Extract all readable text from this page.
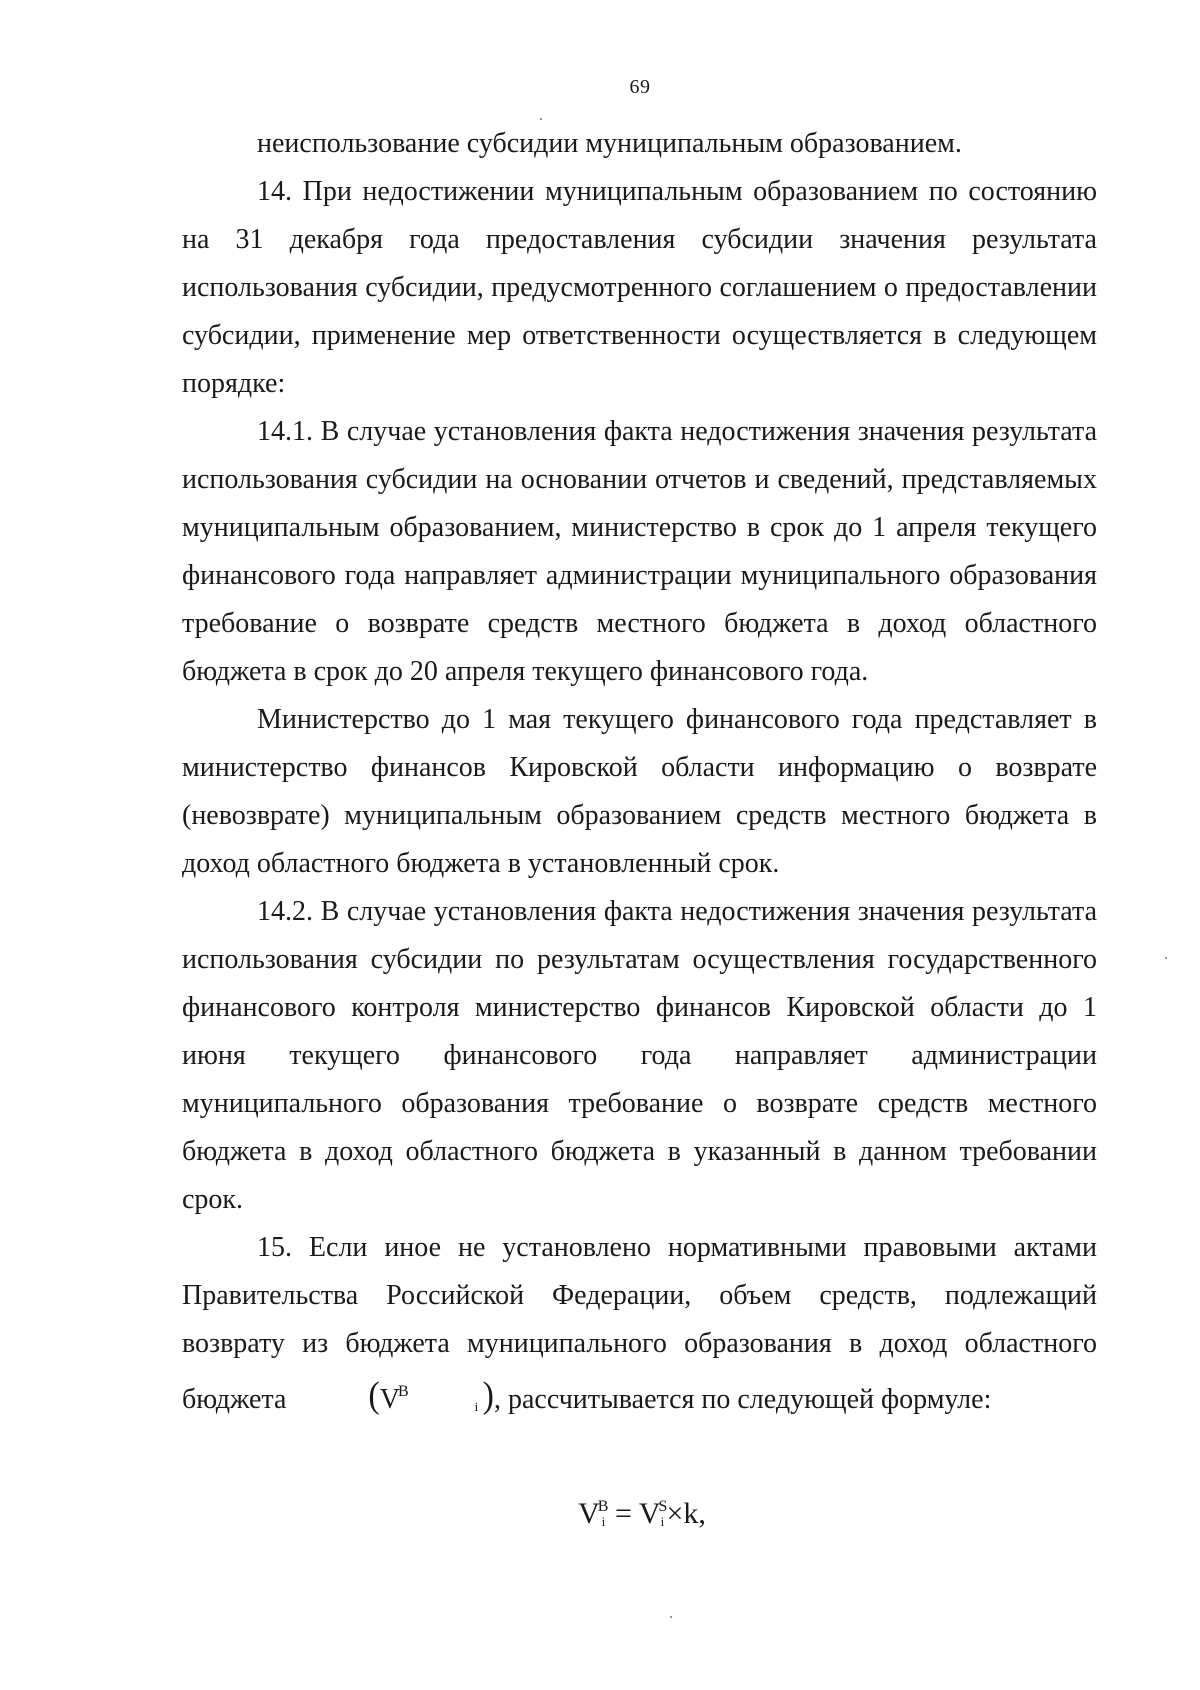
69

неиспользование субсидии муниципальным образованием.

14. При недостижении муниципальным образованием по состоянию на 31 декабря года предоставления субсидии значения результата использования субсидии, предусмотренного соглашением о предоставлении субсидии, применение мер ответственности осуществляется в следующем порядке:

14.1. В случае установления факта недостижения значения результата использования субсидии на основании отчетов и сведений, представляемых муниципальным образованием, министерство в срок до 1 апреля текущего финансового года направляет администрации муниципального образования требование о возврате средств местного бюджета в доход областного бюджета в срок до 20 апреля текущего финансового года.

Министерство до 1 мая текущего финансового года представляет в министерство финансов Кировской области информацию о возврате (невозврате) муниципальным образованием средств местного бюджета в доход областного бюджета в установленный срок.

14.2. В случае установления факта недостижения значения результата использования субсидии по результатам осуществления государственного финансового контроля министерство финансов Кировской области до 1 июня текущего финансового года направляет администрации муниципального образования требование о возврате средств местного бюджета в доход областного бюджета в указанный в данном требовании срок.

15. Если иное не установлено нормативными правовыми актами Правительства Российской Федерации, объем средств, подлежащий возврату из бюджета муниципального образования в доход областного бюджета ($V^Bi$ ), рассчитывается по следующей формуле:

$V^Bi = V^Si\times k$,
